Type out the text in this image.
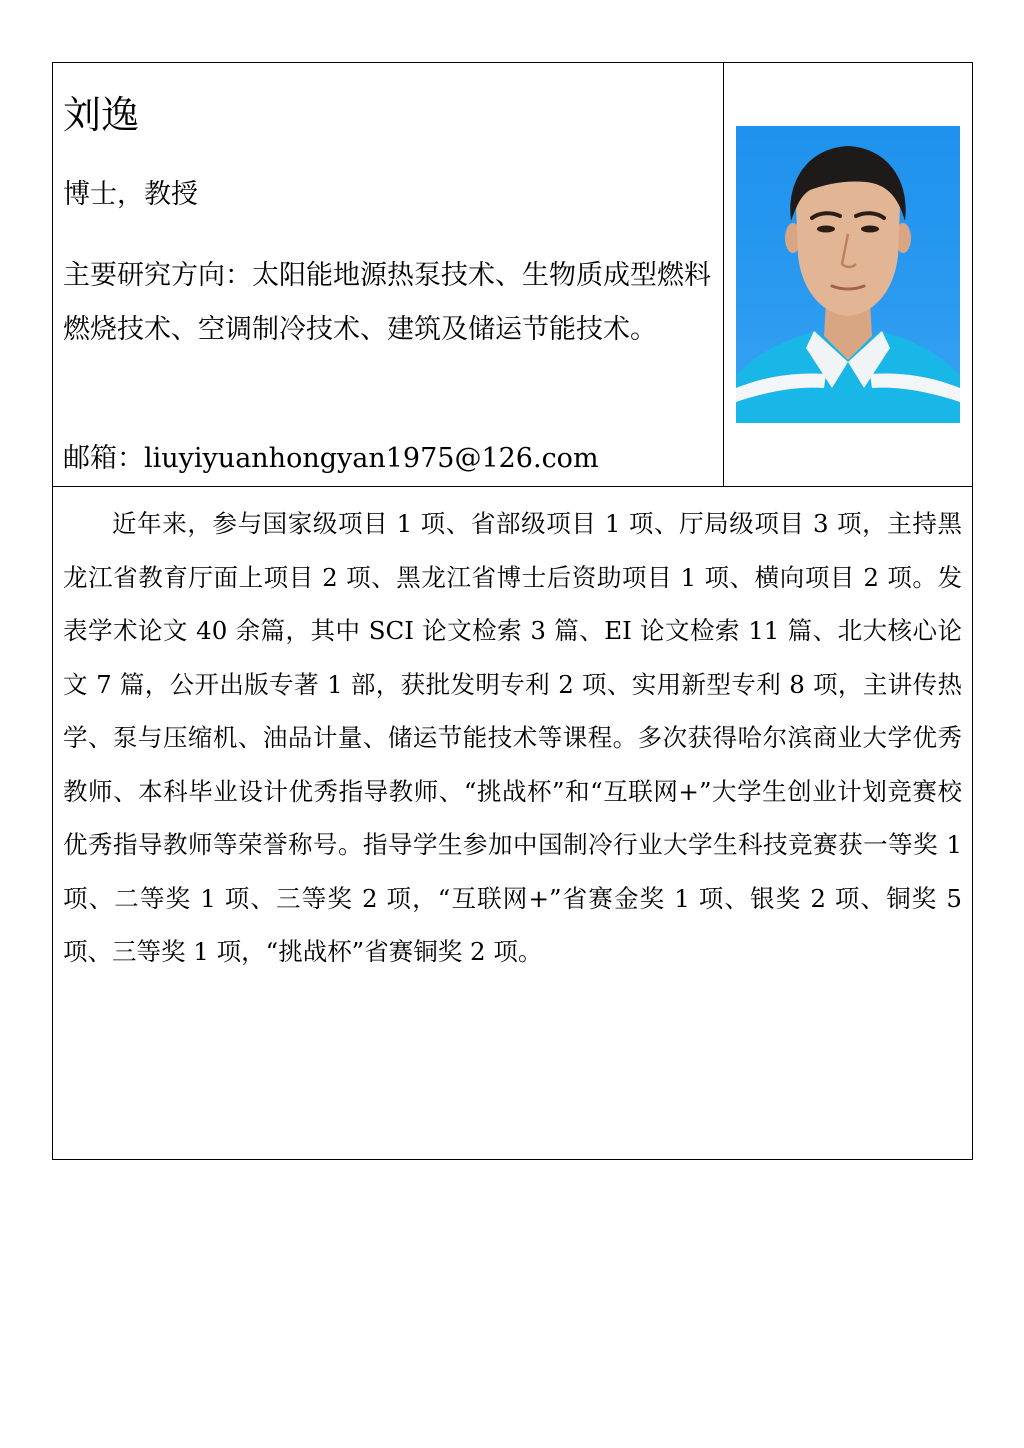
刘逸
博士，教授

主要研究方向：太阳能地源热泵技术、生物质成型燃料燃烧技术、空调制冷技术、建筑及储运节能技术。

邮箱：liuyiyuanhongyan1975@126.com

近年来，参与国家级项目 1 项、省部级项目 1 项、厅局级项目 3 项，主持黑龙江省教育厅面上项目 2 项、黑龙江省博士后资助项目 1 项、横向项目 2 项。发表学术论文 40 余篇，其中 SCI 论文检索 3 篇、EI 论文检索 11 篇、北大核心论文 7 篇，公开出版专著 1 部，获批发明专利 2 项、实用新型专利 8 项，主讲传热学、泵与压缩机、油品计量、储运节能技术等课程。多次获得哈尔滨商业大学优秀教师、本科毕业设计优秀指导教师、“挑战杯”和“互联网+”大学生创业计划竞赛校优秀指导教师等荣誉称号。指导学生参加中国制冷行业大学生科技竞赛获一等奖 1 项、二等奖 1 项、三等奖 2 项，“互联网+”省赛金奖 1 项、银奖 2 项、铜奖 5 项、三等奖 1 项，“挑战杯”省赛铜奖 2 项。
